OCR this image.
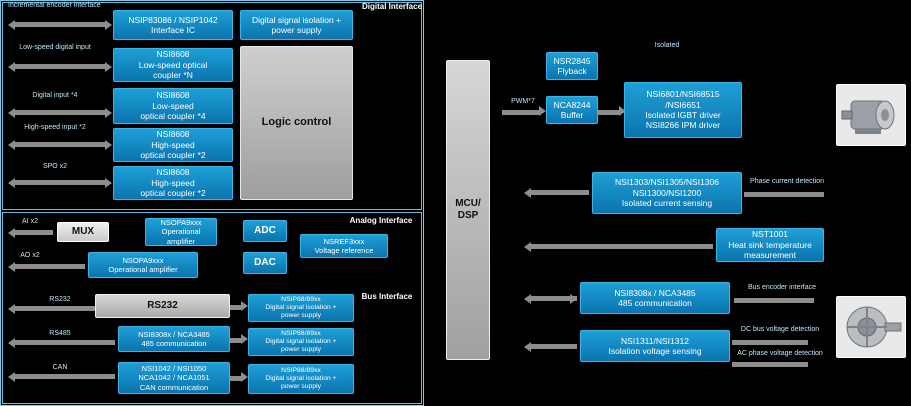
Incremental encoder interface
Low-speed digital input
Digital input *4
High-speed input *2
SPO x2
Digital Interface
NSIP83086 / NSIP1042
Interface IC
NSI8608
Low-speed optical
coupler *N
NSI8608
Low-speed
optical coupler *4
NSI8608
High-speed
optical coupler *2
NSI8608
High-speed
optical coupler *2
Digital signal isolation +
power supply
Logic control
AI x2
AO x2
RS232
RS485
CAN
Analog Interface
Bus Interface
MUX
NSOPA9xxx
Operational
amplifier
ADC
DAC
NSOPA9xxx
Operational amplifier
NSREF3xxx
Voltage reference
RS232
NSI8308x / NCA3485
485 communication
NSI1042 / NSI1050
NCA1042 / NCA1051
CAN communication
NSIP88/89xx
Digital signal isolation +
power supply
NSIP88/89xx
Digital signal isolation +
power supply
NSIP88/89xx
Digital signal isolation +
power supply
MCU/
DSP
PWM*7
Isolated
NSR2845
Flyback
NCA8244
Buffer
NSI6801/NSI68515
/NSI6651
Isolated IGBT driver
NSI8266 IPM driver
NSI1303/NSI1305/NSI1306
NSI1300/NSI1200
Isolated current sensing
NST1001
Heat sink temperature
measurement
NSI8308x / NCA3485
485 communication
NSI1311/NSI1312
Isolation voltage sensing
Phase current detection
Bus encoder interface
DC bus voltage detection
AC phase voltage detection
